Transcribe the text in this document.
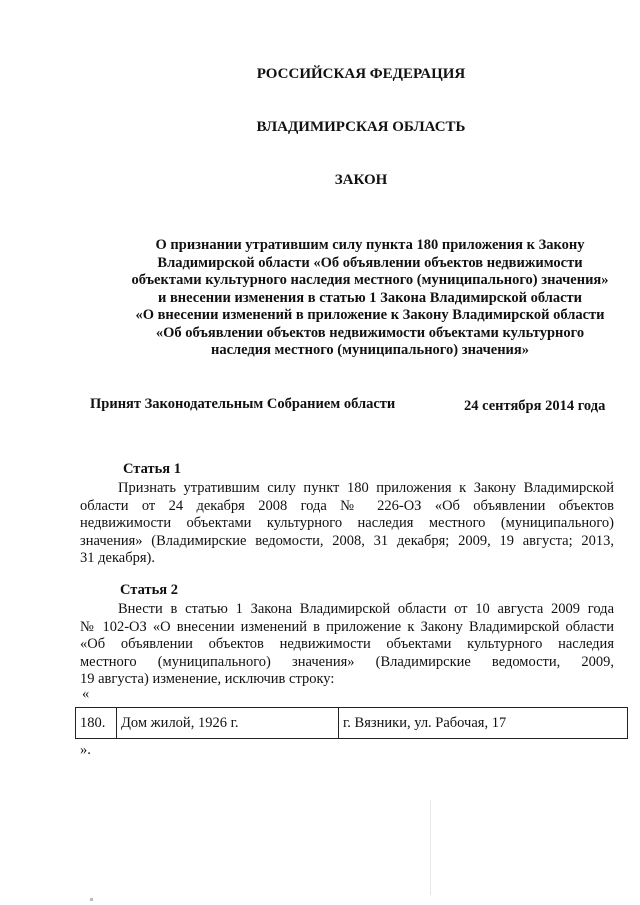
РОССИЙСКАЯ ФЕДЕРАЦИЯ
ВЛАДИМИРСКАЯ ОБЛАСТЬ
ЗАКОН
О признании утратившим силу пункта 180 приложения к Закону
Владимирской области «Об объявлении объектов недвижимости
объектами культурного наследия местного (муниципального) значения»
и внесении изменения в статью 1 Закона Владимирской области
«О внесении изменений в приложение к Закону Владимирской области
«Об объявлении объектов недвижимости объектами культурного
наследия местного (муниципального) значения»
Принят Законодательным Собранием области	24 сентября 2014 года
Статья 1
Признать утратившим силу пункт 180 приложения к Закону Владимирской
области от 24 декабря 2008 года № 226-ОЗ «Об объявлении объектов
недвижимости объектами культурного наследия местного (муниципального)
значения» (Владимирские ведомости, 2008, 31 декабря; 2009, 19 августа; 2013,
31 декабря).
Статья 2
Внести в статью 1 Закона Владимирской области от 10 августа 2009 года
№ 102-ОЗ «О внесении изменений в приложение к Закону Владимирской области
«Об объявлении объектов недвижимости объектами культурного наследия
местного (муниципального) значения» (Владимирские ведомости, 2009,
19 августа) изменение, исключив строку:
«
180.	Дом жилой, 1926 г.	г. Вязники, ул. Рабочая, 17
».
